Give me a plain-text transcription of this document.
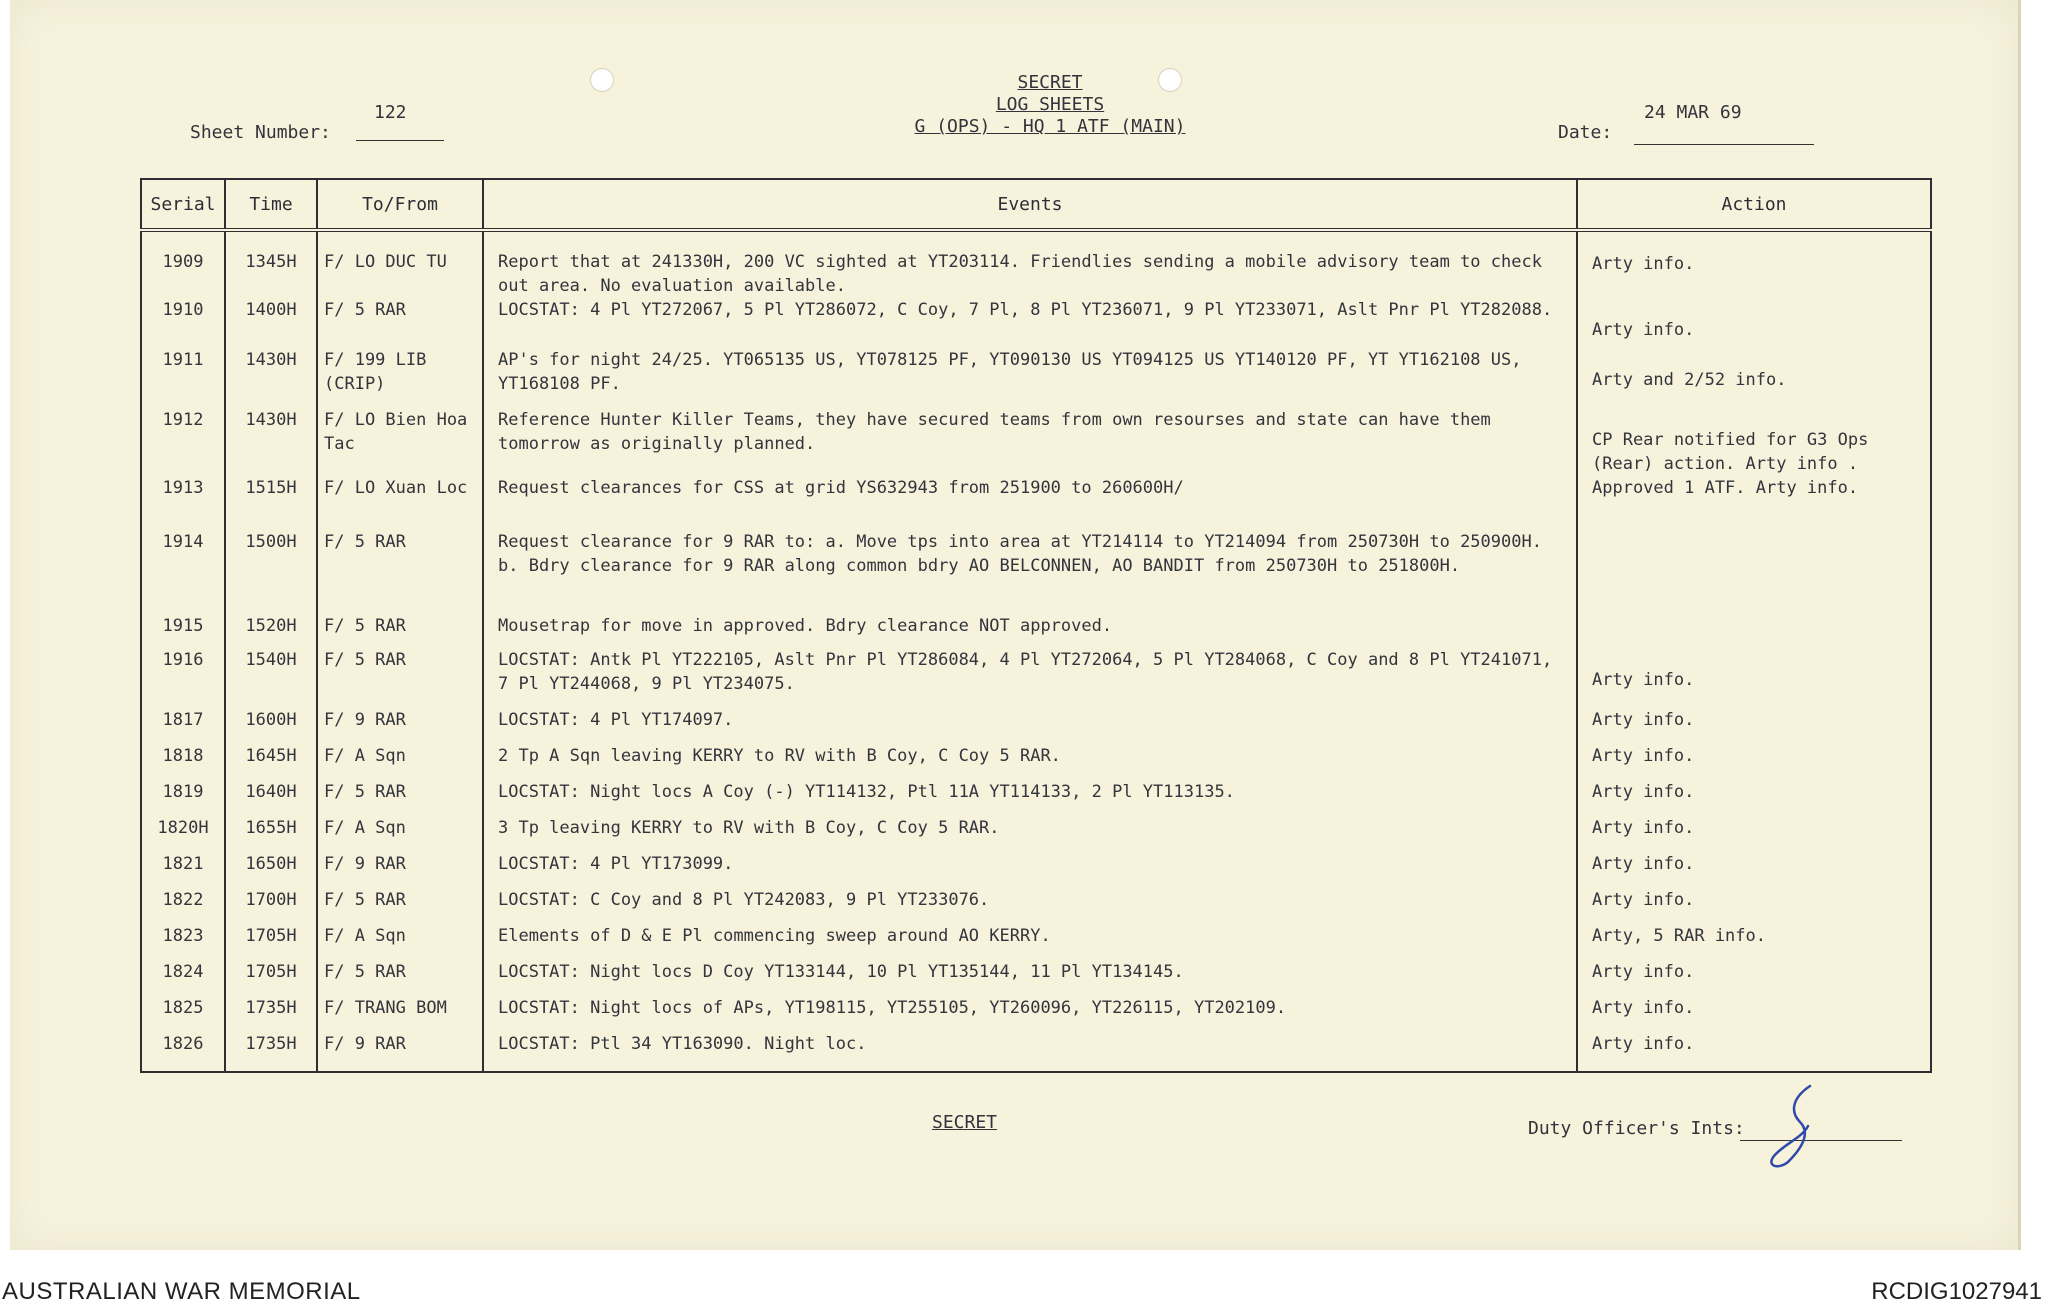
Sheet Number:
122
SECRET
LOG SHEETS
G (OPS) - HQ 1 ATF (MAIN)	Date:
24 MAR 69
Serial	Time	To/From	Events	Action
1909	1345H	F/ LO DUC TU	Report that at 241330H, 200 VC sighted at YT203114. Friendlies sending a mobile advisory team to check out area. No evaluation available.	Arty info.
1910	1400H	F/ 5 RAR	LOCSTAT: 4 Pl YT272067, 5 Pl YT286072, C Coy, 7 Pl, 8 Pl YT236071, 9 Pl YT233071, Aslt Pnr Pl YT282088.	Arty info.
1911	1430H	F/ 199 LIB (CRIP)	AP's for night 24/25. YT065135 US, YT078125 PF, YT090130 US YT094125 US YT140120 PF, YT YT162108 US, YT168108 PF.	Arty and 2/52 info.
1912	1430H	F/ LO Bien Hoa Tac	Reference Hunter Killer Teams, they have secured teams from own resourses and state can have them tomorrow as originally planned.	CP Rear notified for G3 Ops (Rear) action. Arty info .
1913	1515H	F/ LO Xuan Loc	Request clearances for CSS at grid YS632943 from 251900 to 260600H/	Approved 1 ATF. Arty info.
1914	1500H	F/ 5 RAR	Request clearance for 9 RAR to: a. Move tps into area at YT214114 to YT214094 from 250730H to 250900H. b. Bdry clearance for 9 RAR along common bdry AO BELCONNEN, AO BANDIT from 250730H to 251800H.	
1915	1520H	F/ 5 RAR	Mousetrap for move in approved. Bdry clearance NOT approved.	
1916	1540H	F/ 5 RAR	LOCSTAT: Antk Pl YT222105, Aslt Pnr Pl YT286084, 4 Pl YT272064, 5 Pl YT284068, C Coy and 8 Pl YT241071, 7 Pl YT244068, 9 Pl YT234075.	Arty info.
1817	1600H	F/ 9 RAR	LOCSTAT: 4 Pl YT174097.	Arty info.
1818	1645H	F/ A Sqn	2 Tp A Sqn leaving KERRY to RV with B Coy, C Coy 5 RAR.	Arty info.
1819	1640H	F/ 5 RAR	LOCSTAT: Night locs A Coy (-) YT114132, Ptl 11A YT114133, 2 Pl YT113135.	Arty info.
1820H	1655H	F/ A Sqn	3 Tp leaving KERRY to RV with B Coy, C Coy 5 RAR.	Arty info.
1821	1650H	F/ 9 RAR	LOCSTAT: 4 Pl YT173099.	Arty info.
1822	1700H	F/ 5 RAR	LOCSTAT: C Coy and 8 Pl YT242083, 9 Pl YT233076.	Arty info.
1823	1705H	F/ A Sqn	Elements of D & E Pl commencing sweep around AO KERRY.	Arty, 5 RAR info.
1824	1705H	F/ 5 RAR	LOCSTAT: Night locs D Coy YT133144, 10 Pl YT135144, 11 Pl YT134145.	Arty info.
1825	1735H	F/ TRANG BOM	LOCSTAT: Night locs of APs, YT198115, YT255105, YT260096, YT226115, YT202109.	Arty info.
1826	1735H	F/ 9 RAR	LOCSTAT: Ptl 34 YT163090. Night loc.	Arty info.
SECRET	Duty Officer's Ints:
AUSTRALIAN WAR MEMORIAL	RCDIG1027941
